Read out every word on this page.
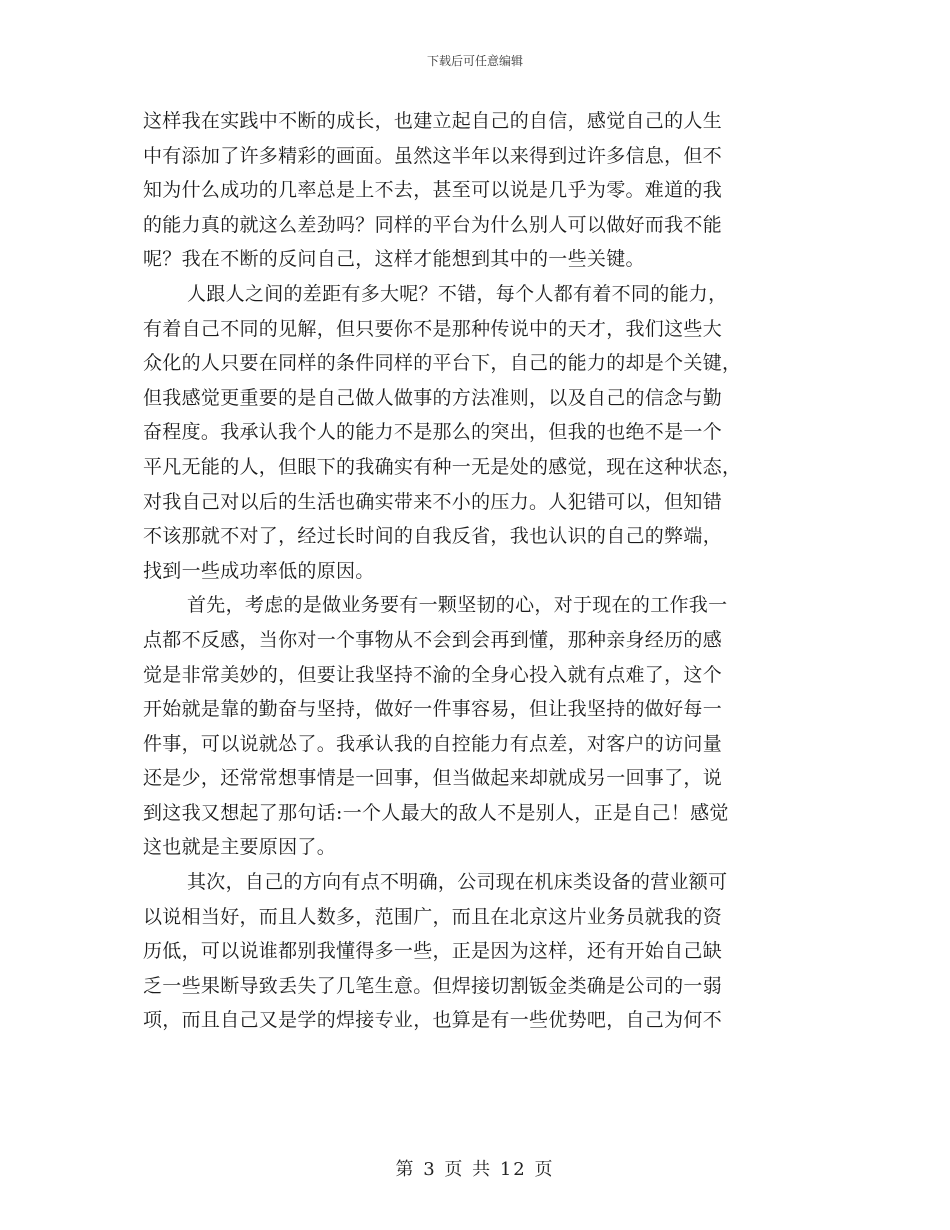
下载后可任意编辑
这样我在实践中不断的成长，也建立起自己的自信，感觉自己的人生
中有添加了许多精彩的画面。虽然这半年以来得到过许多信息，但不
知为什么成功的几率总是上不去，甚至可以说是几乎为零。难道的我
的能力真的就这么差劲吗？同样的平台为什么别人可以做好而我不能
呢？我在不断的反问自己，这样才能想到其中的一些关键。
人跟人之间的差距有多大呢？不错，每个人都有着不同的能力，
有着自己不同的见解，但只要你不是那种传说中的天才，我们这些大
众化的人只要在同样的条件同样的平台下，自己的能力的却是个关键，
但我感觉更重要的是自己做人做事的方法准则，以及自己的信念与勤
奋程度。我承认我个人的能力不是那么的突出，但我的也绝不是一个
平凡无能的人，但眼下的我确实有种一无是处的感觉，现在这种状态，
对我自己对以后的生活也确实带来不小的压力。人犯错可以，但知错
不该那就不对了，经过长时间的自我反省，我也认识的自己的弊端，
找到一些成功率低的原因。
首先，考虑的是做业务要有一颗坚韧的心，对于现在的工作我一
点都不反感，当你对一个事物从不会到会再到懂，那种亲身经历的感
觉是非常美妙的，但要让我坚持不渝的全身心投入就有点难了，这个
开始就是靠的勤奋与坚持，做好一件事容易，但让我坚持的做好每一
件事，可以说就怂了。我承认我的自控能力有点差，对客户的访问量
还是少，还常常想事情是一回事，但当做起来却就成另一回事了，说
到这我又想起了那句话:一个人最大的敌人不是别人，正是自己！感觉
这也就是主要原因了。
其次，自己的方向有点不明确，公司现在机床类设备的营业额可
以说相当好，而且人数多，范围广，而且在北京这片业务员就我的资
历低，可以说谁都别我懂得多一些，正是因为这样，还有开始自己缺
乏一些果断导致丢失了几笔生意。但焊接切割钣金类确是公司的一弱
项，而且自己又是学的焊接专业，也算是有一些优势吧，自己为何不
第 3 页 共 12 页
